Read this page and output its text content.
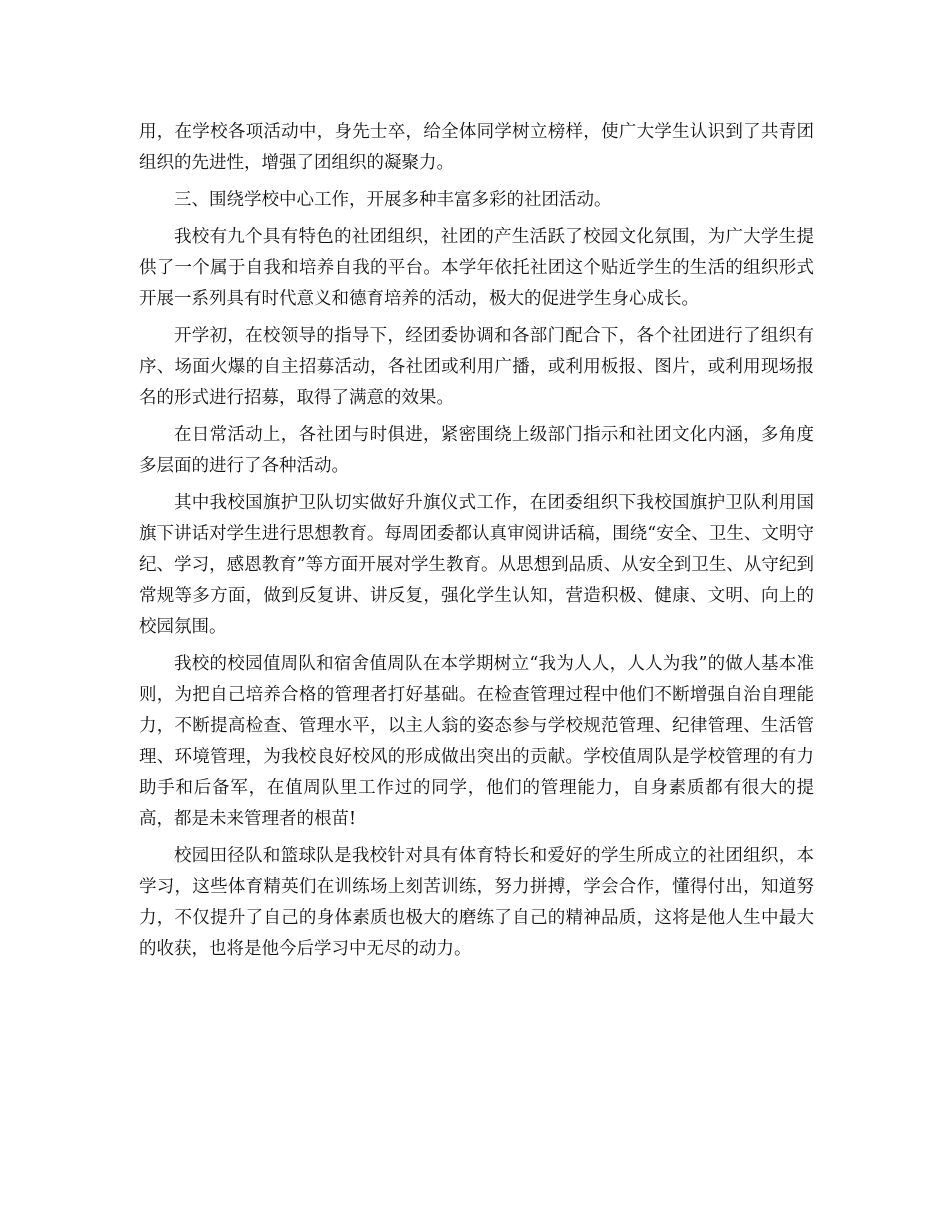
用，在学校各项活动中，身先士卒，给全体同学树立榜样，使广大学生认识到了共青团组织的先进性，增强了团组织的凝聚力。

三、围绕学校中心工作，开展多种丰富多彩的社团活动。

我校有九个具有特色的社团组织，社团的产生活跃了校园文化氛围，为广大学生提供了一个属于自我和培养自我的平台。本学年依托社团这个贴近学生的生活的组织形式开展一系列具有时代意义和德育培养的活动，极大的促进学生身心成长。

开学初，在校领导的指导下，经团委协调和各部门配合下，各个社团进行了组织有序、场面火爆的自主招募活动，各社团或利用广播，或利用板报、图片，或利用现场报名的形式进行招募，取得了满意的效果。

在日常活动上，各社团与时俱进，紧密围绕上级部门指示和社团文化内涵，多角度多层面的进行了各种活动。

其中我校国旗护卫队切实做好升旗仪式工作，在团委组织下我校国旗护卫队利用国旗下讲话对学生进行思想教育。每周团委都认真审阅讲话稿，围绕“安全、卫生、文明守纪、学习，感恩教育”等方面开展对学生教育。从思想到品质、从安全到卫生、从守纪到常规等多方面，做到反复讲、讲反复，强化学生认知，营造积极、健康、文明、向上的校园氛围。

我校的校园值周队和宿舍值周队在本学期树立“我为人人，人人为我”的做人基本准则，为把自己培养合格的管理者打好基础。在检查管理过程中他们不断增强自治自理能力，不断提高检查、管理水平，以主人翁的姿态参与学校规范管理、纪律管理、生活管理、环境管理，为我校良好校风的形成做出突出的贡献。学校值周队是学校管理的有力助手和后备军，在值周队里工作过的同学，他们的管理能力，自身素质都有很大的提高，都是未来管理者的根苗!

校园田径队和篮球队是我校针对具有体育特长和爱好的学生所成立的社团组织，本学习，这些体育精英们在训练场上刻苦训练，努力拼搏，学会合作，懂得付出，知道努力，不仅提升了自己的身体素质也极大的磨练了自己的精神品质，这将是他人生中最大的收获，也将是他今后学习中无尽的动力。
